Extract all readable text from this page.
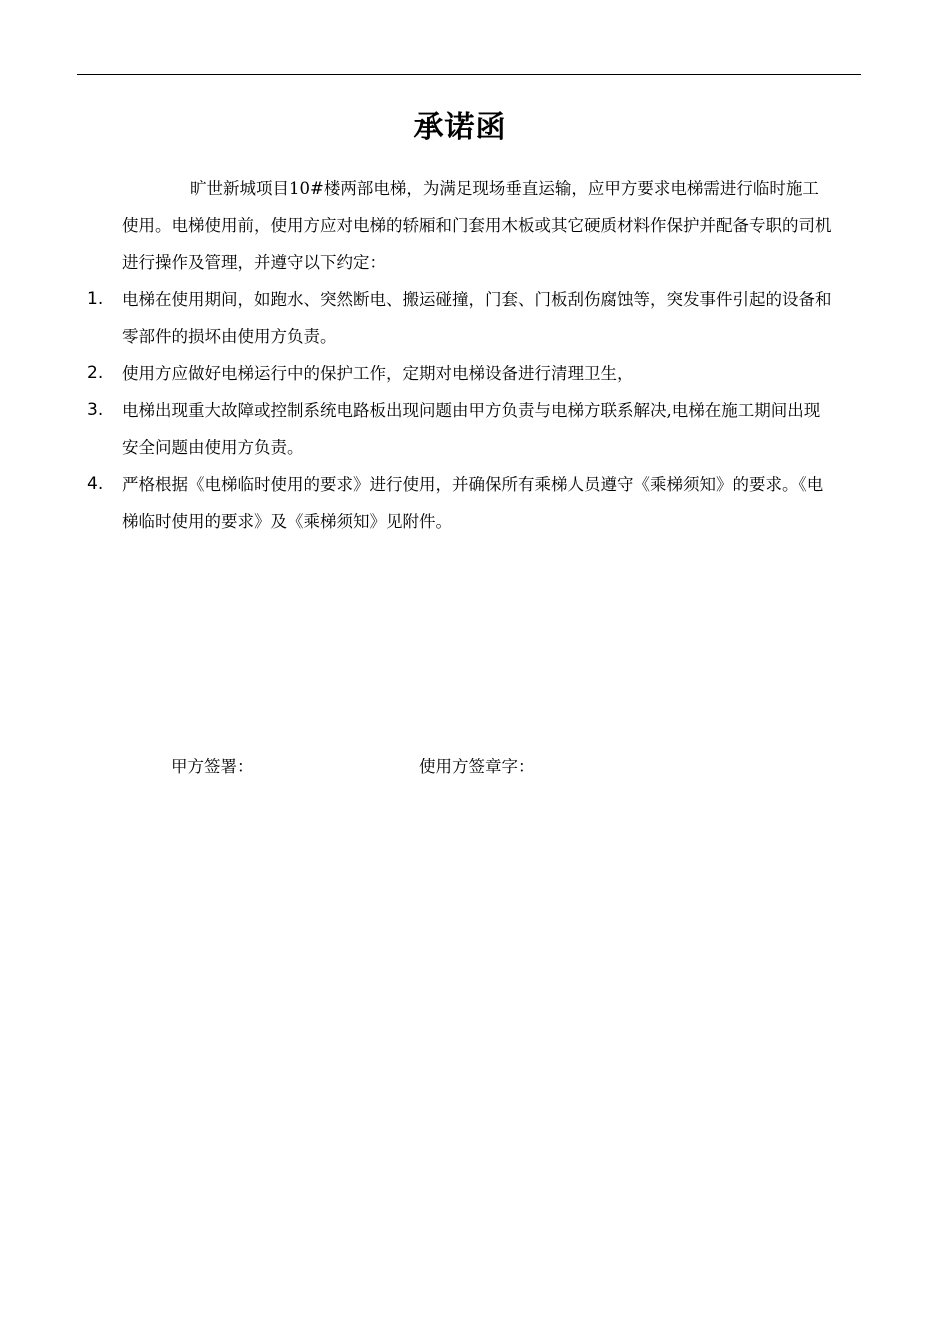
承诺函

旷世新城项目10#楼两部电梯，为满足现场垂直运输，应甲方要求电梯需进行临时施工使用。电梯使用前，使用方应对电梯的轿厢和门套用木板或其它硬质材料作保护并配备专职的司机进行操作及管理，并遵守以下约定：

1. 电梯在使用期间，如跑水、突然断电、搬运碰撞，门套、门板刮伤腐蚀等，突发事件引起的设备和零部件的损坏由使用方负责。
2. 使用方应做好电梯运行中的保护工作，定期对电梯设备进行清理卫生，
3. 电梯出现重大故障或控制系统电路板出现问题由甲方负责与电梯方联系解决,电梯在施工期间出现安全问题由使用方负责。
4. 严格根据《电梯临时使用的要求》进行使用，并确保所有乘梯人员遵守《乘梯须知》的要求。《电梯临时使用的要求》及《乘梯须知》见附件。
甲方签署：	使用方签章字：
